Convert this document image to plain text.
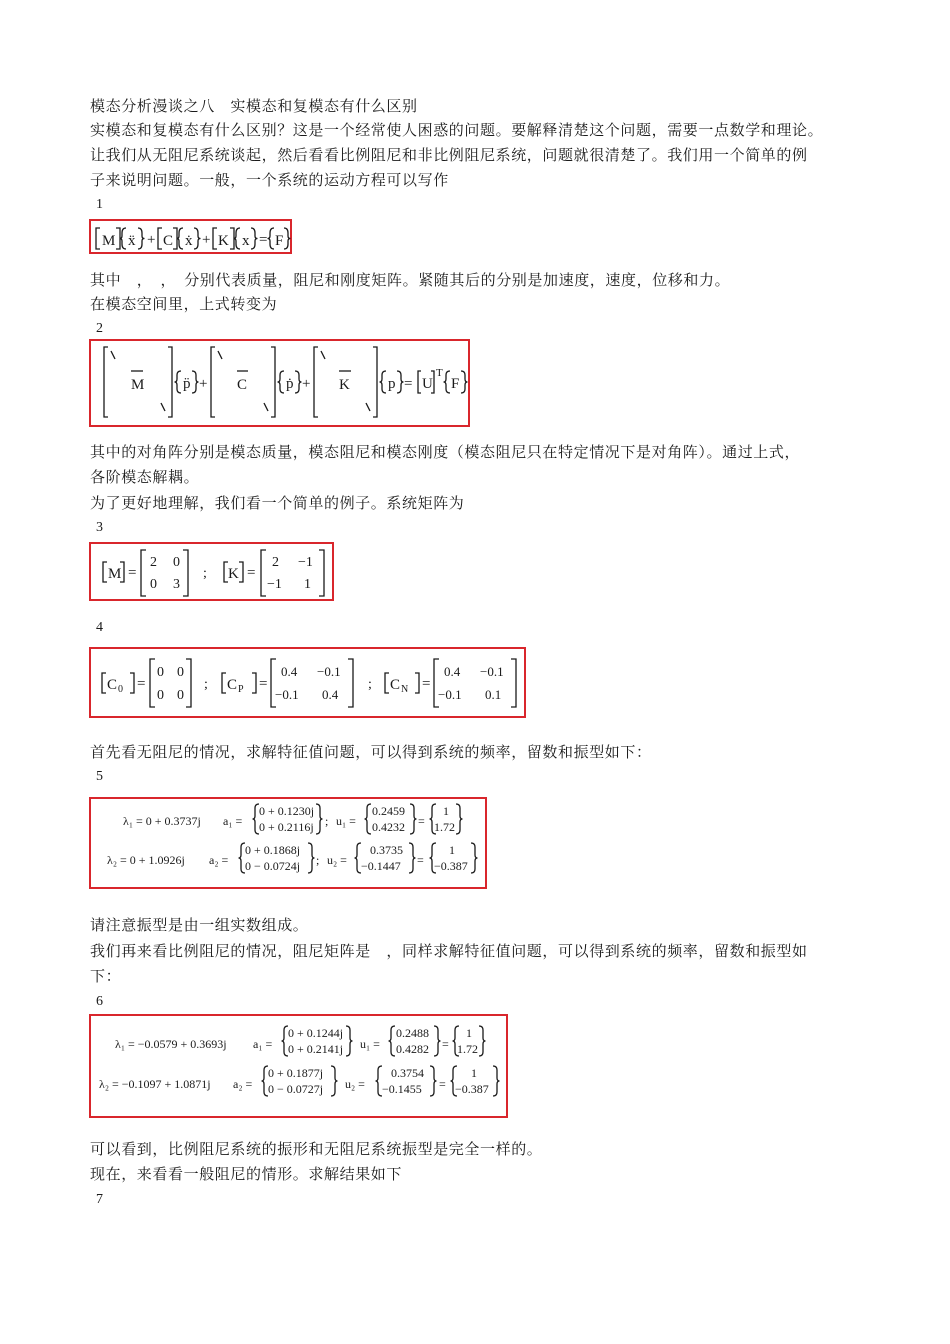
模态分析漫谈之八　实模态和复模态有什么区别
实模态和复模态有什么区别？这是一个经常使人困惑的问题。要解释清楚这个问题，需要一点数学和理论。
让我们从无阻尼系统谈起，然后看看比例阻尼和非比例阻尼系统，问题就很清楚了。我们用一个简单的例
子来说明问题。一般，一个系统的运动方程可以写作
1
M ẍ + C ẋ + K x = F
其中　，　，　分别代表质量，阻尼和刚度矩阵。紧随其后的分别是加速度，速度，位移和力。
在模态空间里，上式转变为
2
M	p̈ + C	ṗ + K	p = U
T
F
其中的对角阵分别是模态质量，模态阻尼和模态刚度（模态阻尼只在特定情况下是对角阵）。通过上式，
各阶模态解耦。
为了更好地理解，我们看一个简单的例子。系统矩阵为
3
M =
2 0
0 3
; K =
2 −1
−1 1
4
C 0 =
0 0
0 0
; C P =
0.4 −0.1
−0.1 0.4
; C N =
0.4 −0.1
−0.1 0.1
首先看无阻尼的情况，求解特征值问题，可以得到系统的频率，留数和振型如下：
5
λ₁ = 0 + 0.3737j a₁ =
0 + 0.1230j
0 + 0.2116j ; u₁ =
0.2459
0.4232 =
1
1.72
λ₂ = 0 + 1.0926j a₂ =
0 + 0.1868j
0 − 0.0724j ; u₂ =
0.3735
−0.1447 =
1
−0.387
请注意振型是由一组实数组成。
我们再来看比例阻尼的情况，阻尼矩阵是　，同样求解特征值问题，可以得到系统的频率，留数和振型如
下：
6
λ₁ = −0.0579 + 0.3693j a₁ =
0 + 0.1244j
0 + 0.2141j u₁ =
0.2488
0.4282 =
1
1.72
λ₂ = −0.1097 + 1.0871j a₂ =
0 + 0.1877j
0 − 0.0727j u₂ =
0.3754
−0.1455 =
1
−0.387
可以看到，比例阻尼系统的振形和无阻尼系统振型是完全一样的。
现在，来看看一般阻尼的情形。求解结果如下
7
